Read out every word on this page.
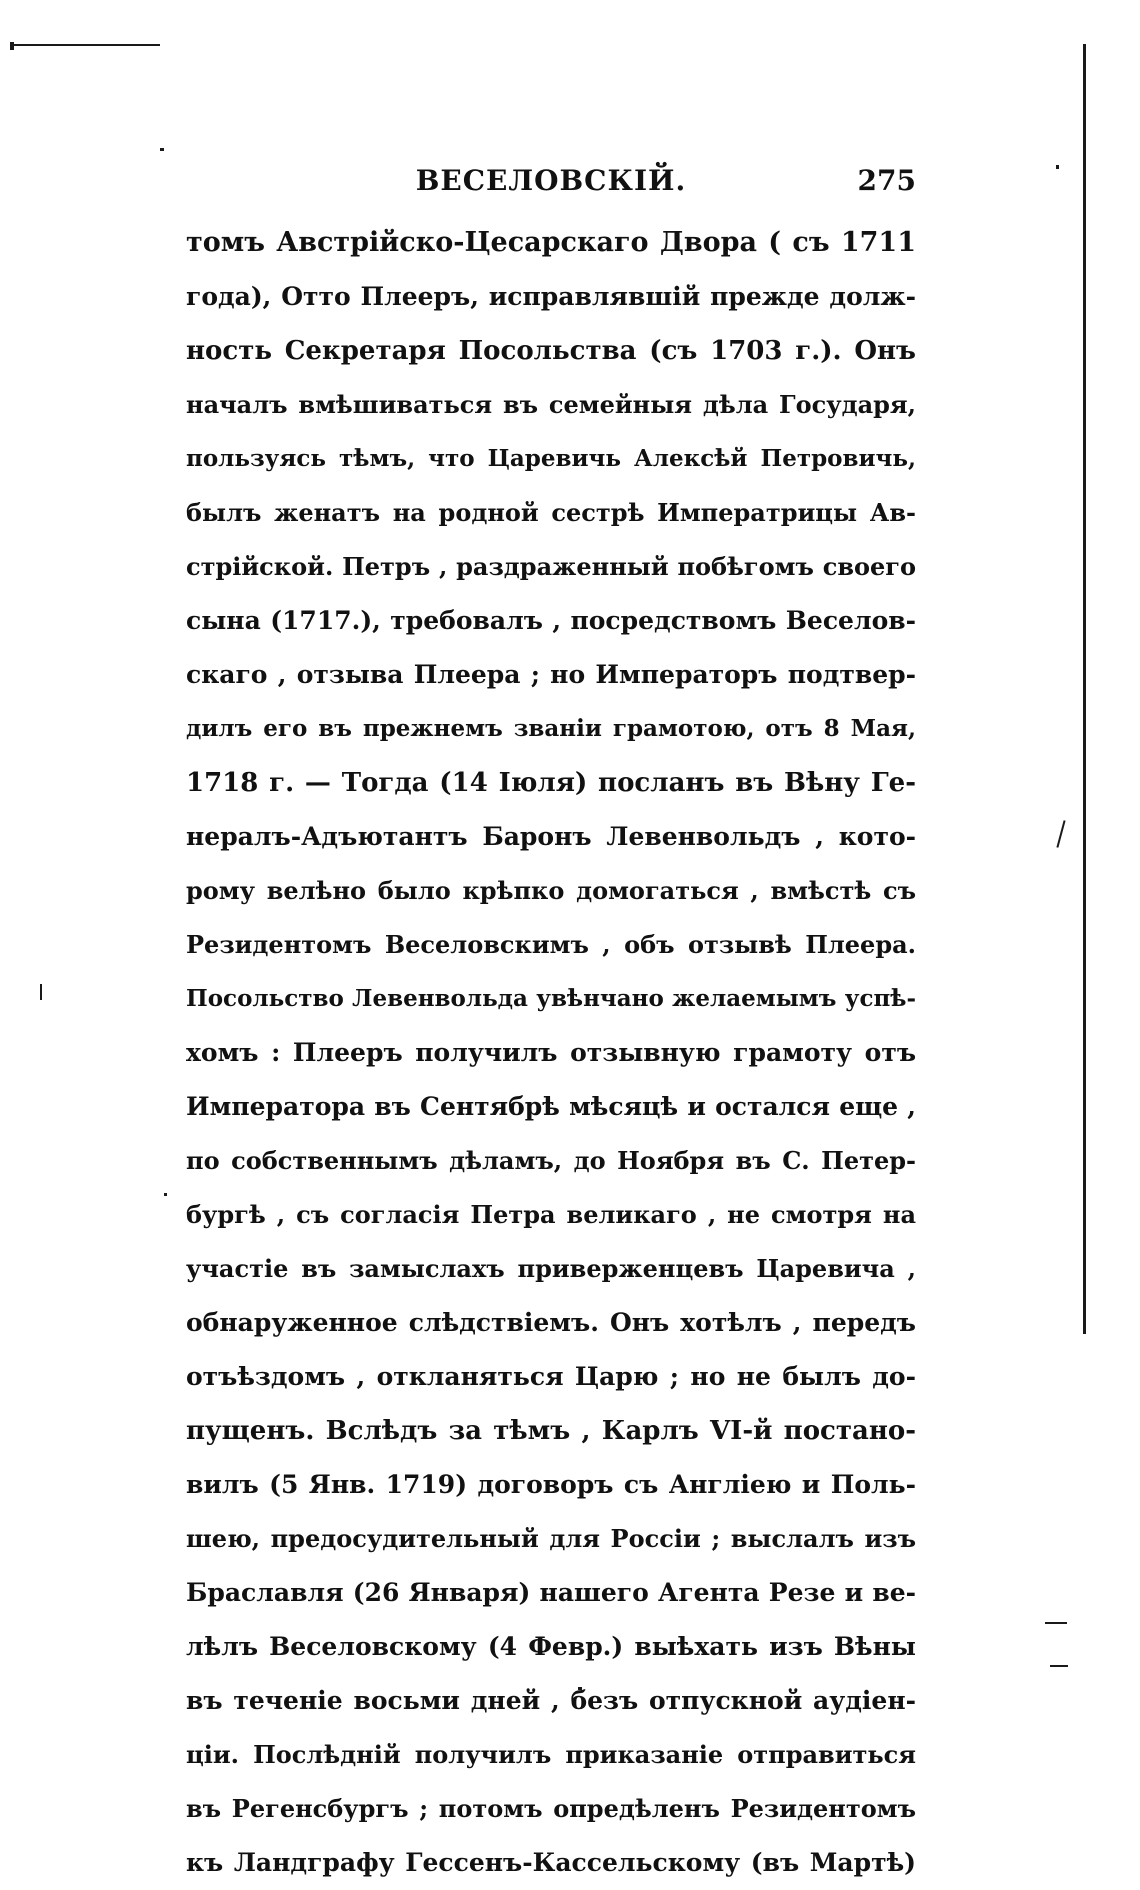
ВЕСЕЛОВСКІЙ.	275
томъ Австрійско-Цесарскаго Двора ( съ 1711
года), Отто Плееръ, исправлявшій прежде долж-
ность Секретаря Посольства (съ 1703 г.). Онъ
началъ вмѣшиваться въ семейныя дѣла Государя,
пользуясь тѣмъ, что Царевичь Алексѣй Петровичь,
былъ женатъ на родной сестрѣ Императрицы Ав-
стрійской. Петръ , раздраженный побѣгомъ своего
сына (1717.), требовалъ , посредствомъ Веселов-
скаго , отзыва Плеера ; но Императоръ подтвер-
дилъ его въ прежнемъ званіи грамотою, отъ 8 Мая,
1718 г. — Тогда (14 Іюля) посланъ въ Вѣну Ге-
нералъ-Адъютантъ Баронъ Левенвольдъ , кото-
рому велѣно было крѣпко домогаться , вмѣстѣ съ
Резидентомъ Веселовскимъ , объ отзывѣ Плеера.
Посольство Левенвольда увѣнчано желаемымъ успѣ-
хомъ : Плееръ получилъ отзывную грамоту отъ
Императора въ Сентябрѣ мѣсяцѣ и остался еще ,
по собственнымъ дѣламъ, до Ноября въ С. Петер-
бургѣ , съ согласія Петра великаго , не смотря на
участіе въ замыслахъ приверженцевъ Царевича ,
обнаруженное слѣдствіемъ. Онъ хотѣлъ , передъ
отъѣздомъ , откланяться Царю ; но не былъ до-
пущенъ. Вслѣдъ за тѣмъ , Карлъ VI-й постано-
вилъ (5 Янв. 1719) договоръ съ Англіею и Поль-
шею, предосудительный для Россіи ; выслалъ изъ
Браславля (26 Января) нашего Агента Резе и ве-
лѣлъ Веселовскому (4 Февр.) выѣхать изъ Вѣны
въ теченіе восьми дней , безъ отпускной аудіен-
ціи. Послѣдній получилъ приказаніе отправиться
въ Регенсбургъ ; потомъ опредѣленъ Резидентомъ
къ Ландграфу Гессенъ-Кассельскому (въ Мартѣ)
